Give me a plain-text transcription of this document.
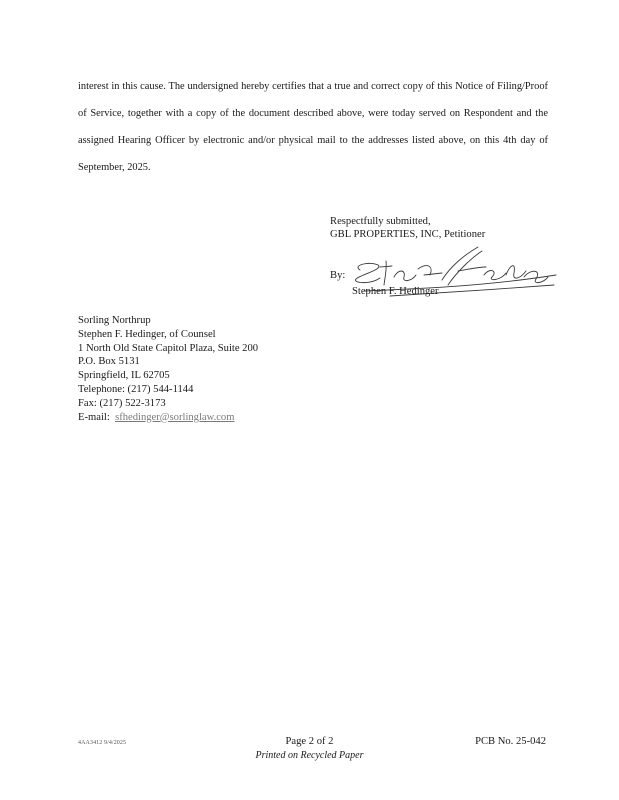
interest in this cause. The undersigned hereby certifies that a true and correct copy of this Notice of Filing/Proof of Service, together with a copy of the document described above, were today served on Respondent and the assigned Hearing Officer by electronic and/or physical mail to the addresses listed above, on this 4th day of September, 2025.

Respectfully submitted,
GBL PROPERTIES, INC, Petitioner
By:
Stephen F. Hedinger
Sorling Northrup
Stephen F. Hedinger, of Counsel
1 North Old State Capitol Plaza, Suite 200
P.O. Box 5131
Springfield, IL 62705
Telephone: (217) 544-1144
Fax: (217) 522-3173
E-mail: sfhedinger@sorlinglaw.com
4AA3412 9/4/2025	Page 2 of 2
Printed on Recycled Paper
PCB No. 25-042
